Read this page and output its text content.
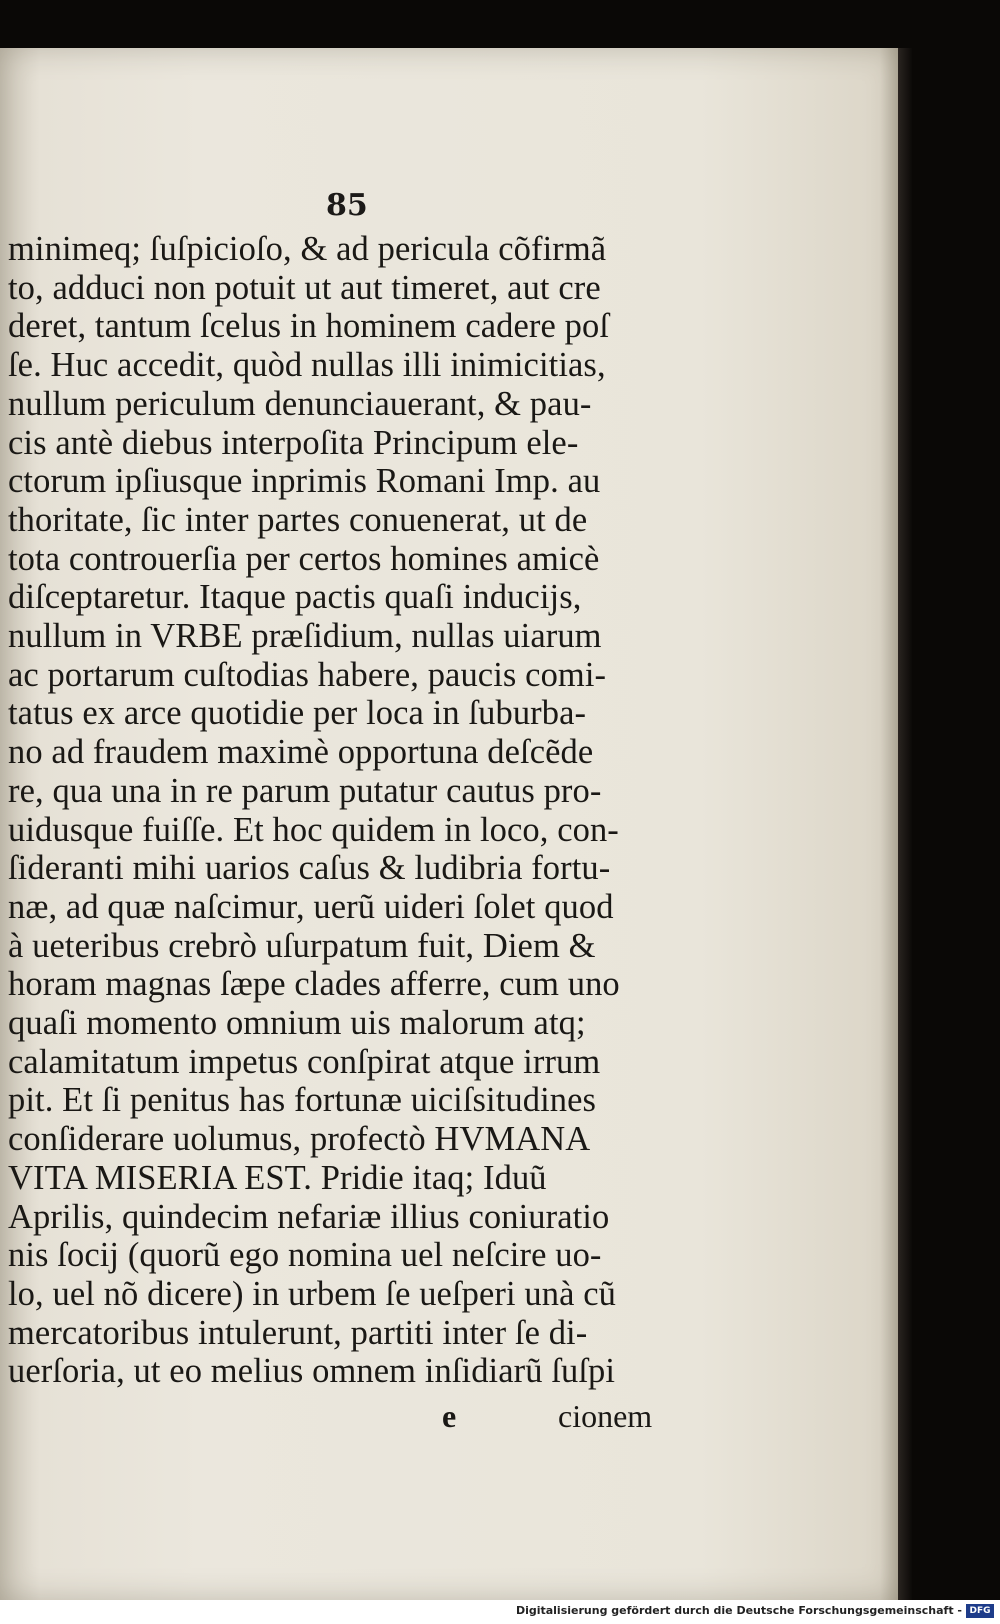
85
minimeq; ſuſpicioſo, & ad pericula cõfirmã
to, adduci non potuit ut aut timeret, aut cre
deret, tantum ſcelus in hominem cadere poſ
ſe. Huc accedit, quòd nullas illi inimicitias,
nullum periculum denunciauerant, & pau-
cis antè diebus interpoſita Principum ele-
ctorum ipſiusque inprimis Romani Imp. au
thoritate, ſic inter partes conuenerat, ut de
tota controuerſia per certos homines amicè
diſceptaretur. Itaque pactis quaſi inducijs,
nullum in VRBE præſidium, nullas uiarum
ac portarum cuſtodias habere, paucis comi-
tatus ex arce quotidie per loca in ſuburba-
no ad fraudem maximè opportuna deſcẽde
re, qua una in re parum putatur cautus pro-
uidusque fuiſſe. Et hoc quidem in loco, con-
ſideranti mihi uarios caſus & ludibria fortu-
næ, ad quæ naſcimur, uerũ uideri ſolet quod
à ueteribus crebrò uſurpatum fuit, Diem &
horam magnas ſæpe clades afferre, cum uno
quaſi momento omnium uis malorum atq;
calamitatum impetus conſpirat atque irrum
pit. Et ſi penitus has fortunæ uiciſsitudines
conſiderare uolumus, profectò HVMANA
VITA MISERIA EST. Pridie itaq; Iduũ
Aprilis, quindecim nefariæ illius coniuratio
nis ſocij (quorũ ego nomina uel neſcire uo-
lo, uel nõ dicere) in urbem ſe ueſperi unà cũ
mercatoribus intulerunt, partiti inter ſe di-
uerſoria, ut eo melius omnem inſidiarũ ſuſpi
e	cionem
Digitalisierung gefördert durch die Deutsche Forschungsgemeinschaft - DFG
